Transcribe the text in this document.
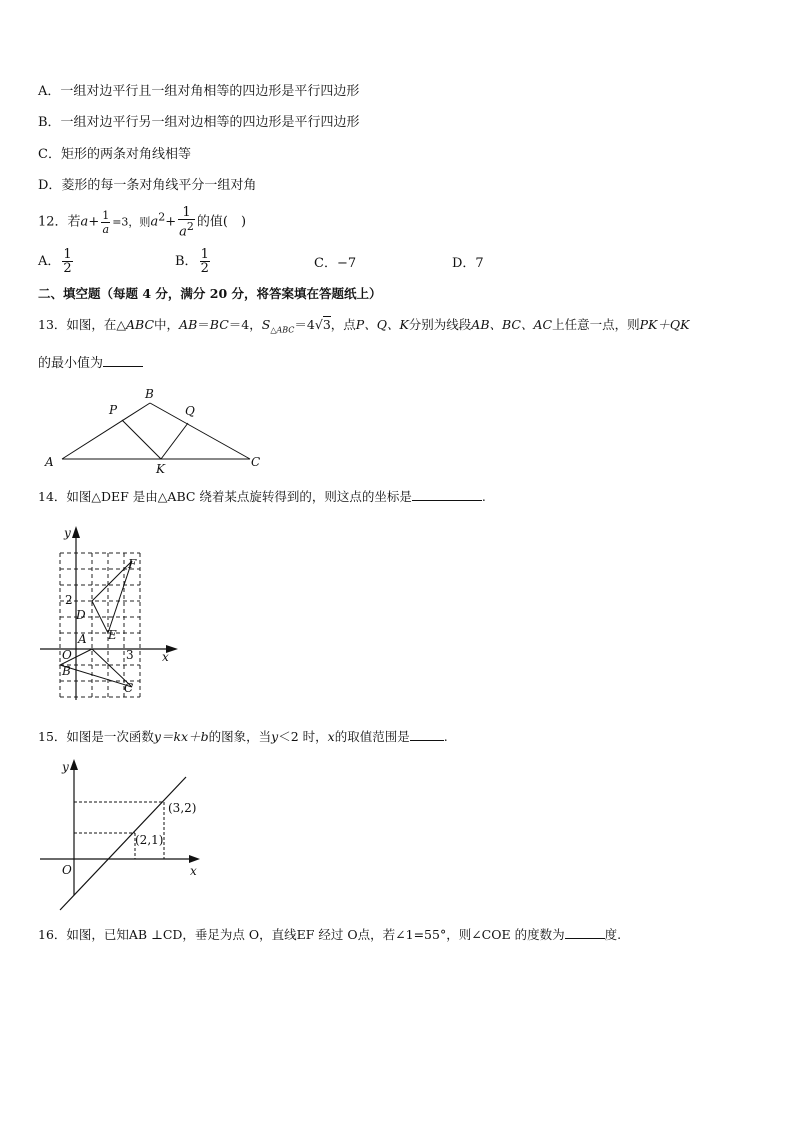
A．一组对边平行且一组对角相等的四边形是平行四边形
B．一组对边平行另一组对边相等的四边形是平行四边形
C．矩形的两条对角线相等
D．菱形的每一条对角线平分一组对角
12．若$a+ \frac{1}{a} =3$，则$a^2+ \frac{1}{a^2}$ 的值(　)
A． $\frac{1}{2}$	B． $\frac{1}{2}$	C．−7	D．7
二、填空题（每题 4 分，满分 20 分，将答案填在答题纸上）
13．如图，在△ABC中，AB＝BC＝4，$S_{\triangle ABC}=4√3$，点P、Q、K分别为线段AB、BC、AC上任意一点，则PK＋QK
的最小值为
A
B
C
P	Q
K
14．如图△DEF 是由△ABC 绕着某点旋转得到的，则这点的坐标是	.
y
x
F
2
D
E
A
O	3
B
C
15．如图是一次函数y＝kx＋b的图象，当y＜2 时，x的取值范围是	.
y
x
O
(3,2)
(2,1)
16．如图，已知AB ⊥CD，垂足为点 O，直线EF 经过 O点，若∠1=55°，则∠COE 的度数为	度.
